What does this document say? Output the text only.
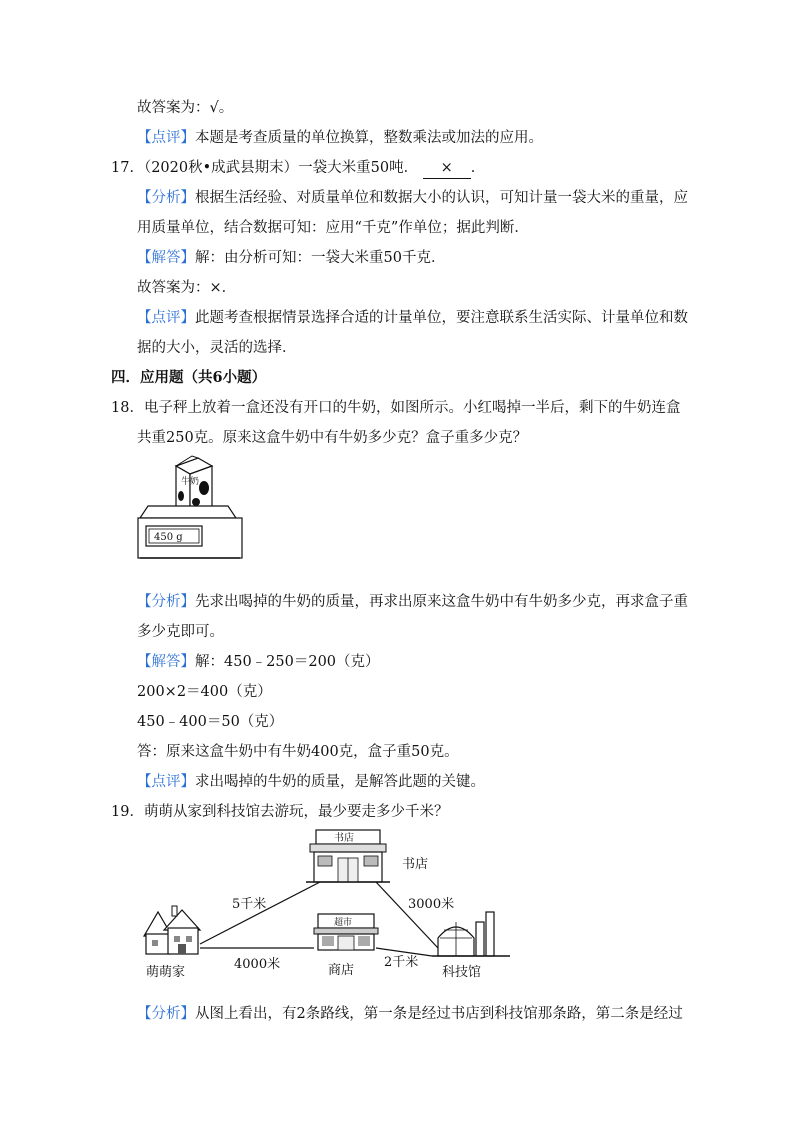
故答案为：√。
【点评】本题是考查质量的单位换算，整数乘法或加法的应用。
17．（2020秋•成武县期末）一袋大米重50吨． × ．
【分析】根据生活经验、对质量单位和数据大小的认识，可知计量一袋大米的重量，应
用质量单位，结合数据可知：应用“千克”作单位；据此判断．
【解答】解：由分析可知：一袋大米重50千克．
故答案为：×．
【点评】此题考查根据情景选择合适的计量单位，要注意联系生活实际、计量单位和数
据的大小，灵活的选择．
四．应用题（共6小题）
18．电子秤上放着一盒还没有开口的牛奶，如图所示。小红喝掉一半后，剩下的牛奶连盒
共重250克。原来这盒牛奶中有牛奶多少克？盒子重多少克？
牛奶
450 g
【分析】先求出喝掉的牛奶的质量，再求出原来这盒牛奶中有牛奶多少克，再求盒子重
多少克即可。
【解答】解：450﹣250＝200（克）
200×2＝400（克）
450﹣400＝50（克）
答：原来这盒牛奶中有牛奶400克，盒子重50克。
【点评】求出喝掉的牛奶的质量，是解答此题的关键。
19．萌萌从家到科技馆去游玩，最少要走多少千米？
书店
书店
萌萌家
超市
商店	科技馆
5千米	3000米
4000米	2千米
【分析】从图上看出，有2条路线，第一条是经过书店到科技馆那条路，第二条是经过
